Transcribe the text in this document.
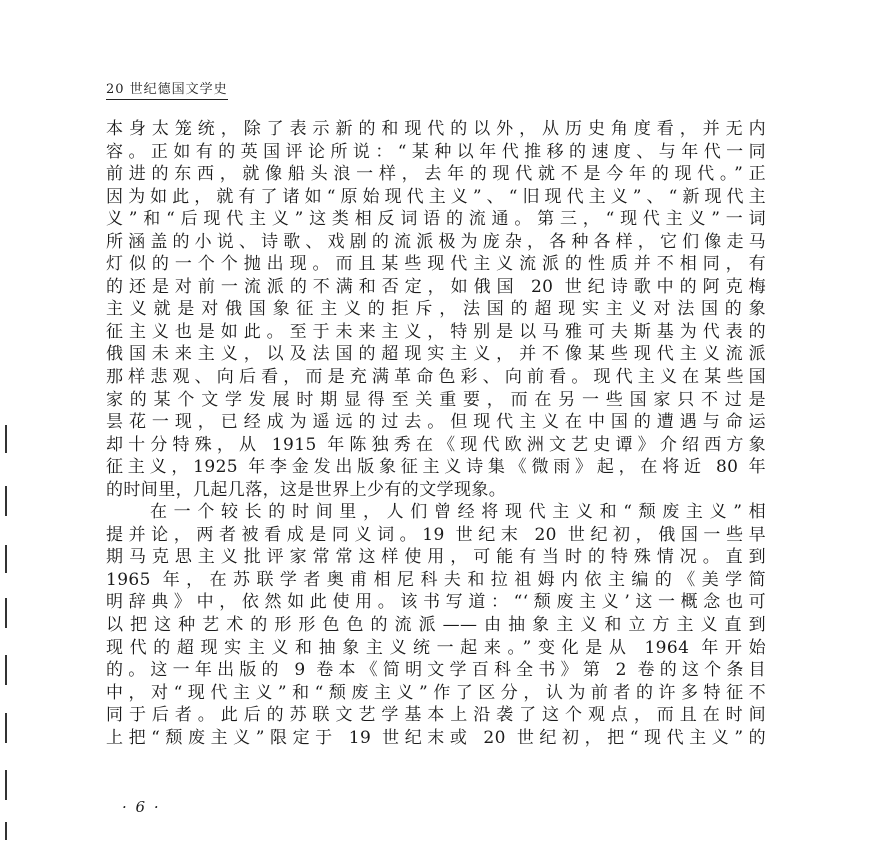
20 世纪德国文学史
本身太笼统，除了表示新的和现代的以外，从历史角度看，并无内
容。正如有的英国评论所说：“某种以年代推移的速度、与年代一同
前进的东西，就像船头浪一样，去年的现代就不是今年的现代。”正
因为如此，就有了诸如“原始现代主义”、“旧现代主义”、“新现代主
义”和“后现代主义”这类相反词语的流通。第三，“现代主义”一词
所涵盖的小说、诗歌、戏剧的流派极为庞杂，各种各样，它们像走马
灯似的一个个抛出现。而且某些现代主义流派的性质并不相同，有
的还是对前一流派的不满和否定，如俄国 20 世纪诗歌中的阿克梅
主义就是对俄国象征主义的拒斥，法国的超现实主义对法国的象
征主义也是如此。至于未来主义，特别是以马雅可夫斯基为代表的
俄国未来主义，以及法国的超现实主义，并不像某些现代主义流派
那样悲观、向后看，而是充满革命色彩、向前看。现代主义在某些国
家的某个文学发展时期显得至关重要，而在另一些国家只不过是
昙花一现，已经成为遥远的过去。但现代主义在中国的遭遇与命运
却十分特殊，从 1915 年陈独秀在《现代欧洲文艺史谭》介绍西方象
征主义，1925 年李金发出版象征主义诗集《微雨》起，在将近 80 年
的时间里，几起几落，这是世界上少有的文学现象。
在一个较长的时间里，人们曾经将现代主义和“颓废主义”相
提并论，两者被看成是同义词。19 世纪末 20 世纪初，俄国一些早
期马克思主义批评家常常这样使用，可能有当时的特殊情况。直到
1965 年，在苏联学者奥甫相尼科夫和拉祖姆内依主编的《美学简
明辞典》中，依然如此使用。该书写道：“‘颓废主义’这一概念也可
以把这种艺术的形形色色的流派——由抽象主义和立方主义直到
现代的超现实主义和抽象主义统一起来。”变化是从 1964 年开始
的。这一年出版的 9 卷本《简明文学百科全书》第 2 卷的这个条目
中，对“现代主义”和“颓废主义”作了区分，认为前者的许多特征不
同于后者。此后的苏联文艺学基本上沿袭了这个观点，而且在时间
上把“颓废主义”限定于 19 世纪末或 20 世纪初，把“现代主义”的
· 6 ·
